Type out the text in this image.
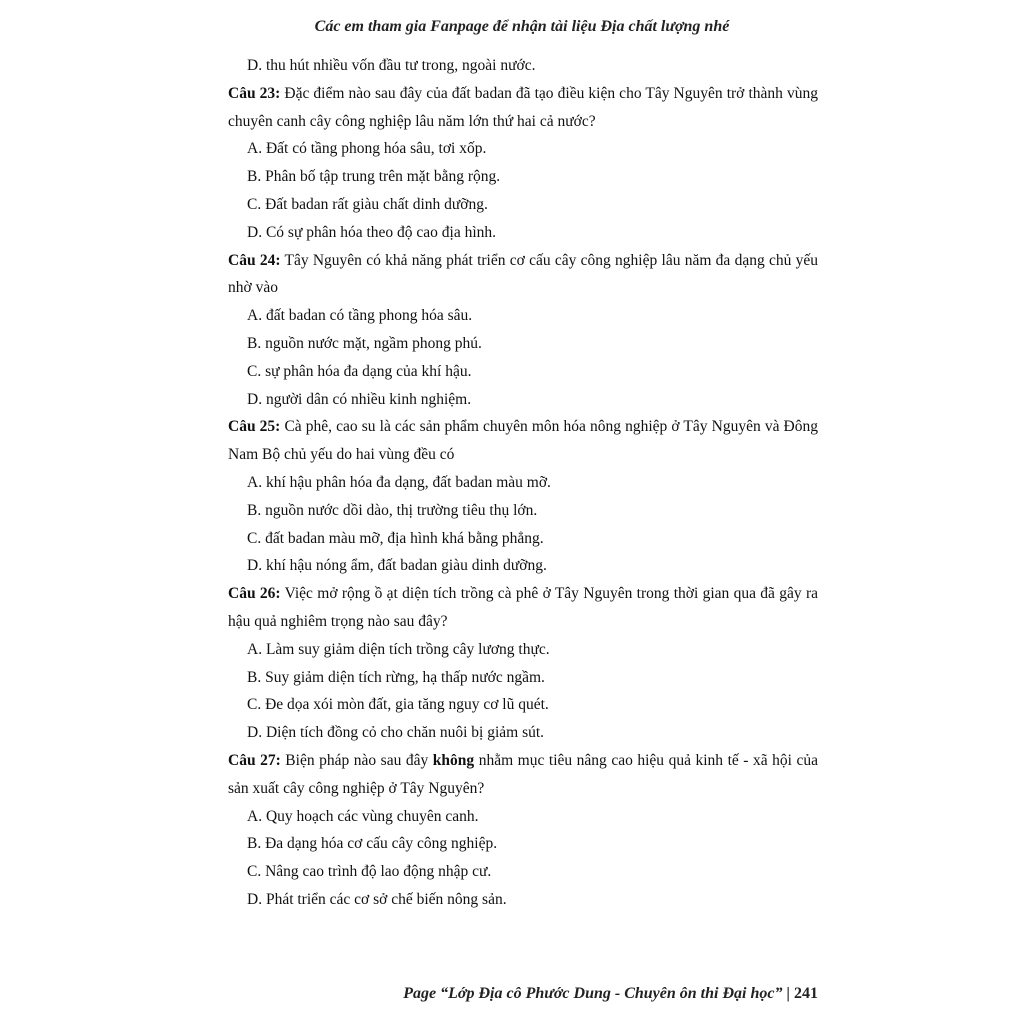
Các em tham gia Fanpage để nhận tài liệu Địa chất lượng nhé
D. thu hút nhiều vốn đầu tư trong, ngoài nước.
Câu 23: Đặc điểm nào sau đây của đất badan đã tạo điều kiện cho Tây Nguyên trở thành vùng chuyên canh cây công nghiệp lâu năm lớn thứ hai cả nước?
A. Đất có tầng phong hóa sâu, tơi xốp.
B. Phân bố tập trung trên mặt bằng rộng.
C. Đất badan rất giàu chất dinh dưỡng.
D. Có sự phân hóa theo độ cao địa hình.
Câu 24: Tây Nguyên có khả năng phát triển cơ cấu cây công nghiệp lâu năm đa dạng chủ yếu nhờ vào
A. đất badan có tầng phong hóa sâu.
B. nguồn nước mặt, ngầm phong phú.
C. sự phân hóa đa dạng của khí hậu.
D. người dân có nhiều kinh nghiệm.
Câu 25: Cà phê, cao su là các sản phẩm chuyên môn hóa nông nghiệp ở Tây Nguyên và Đông Nam Bộ chủ yếu do hai vùng đều có
A. khí hậu phân hóa đa dạng, đất badan màu mỡ.
B. nguồn nước dồi dào, thị trường tiêu thụ lớn.
C. đất badan màu mỡ, địa hình khá bằng phẳng.
D. khí hậu nóng ẩm, đất badan giàu dinh dưỡng.
Câu 26: Việc mở rộng ồ ạt diện tích trồng cà phê ở Tây Nguyên trong thời gian qua đã gây ra hậu quả nghiêm trọng nào sau đây?
A. Làm suy giảm diện tích trồng cây lương thực.
B. Suy giảm diện tích rừng, hạ thấp nước ngầm.
C. Đe dọa xói mòn đất, gia tăng nguy cơ lũ quét.
D. Diện tích đồng cỏ cho chăn nuôi bị giảm sút.
Câu 27: Biện pháp nào sau đây không nhằm mục tiêu nâng cao hiệu quả kinh tế - xã hội của sản xuất cây công nghiệp ở Tây Nguyên?
A. Quy hoạch các vùng chuyên canh.
B. Đa dạng hóa cơ cấu cây công nghiệp.
C. Nâng cao trình độ lao động nhập cư.
D. Phát triển các cơ sở chế biến nông sản.
Page “Lớp Địa cô Phước Dung - Chuyên ôn thi Đại học” | 241
